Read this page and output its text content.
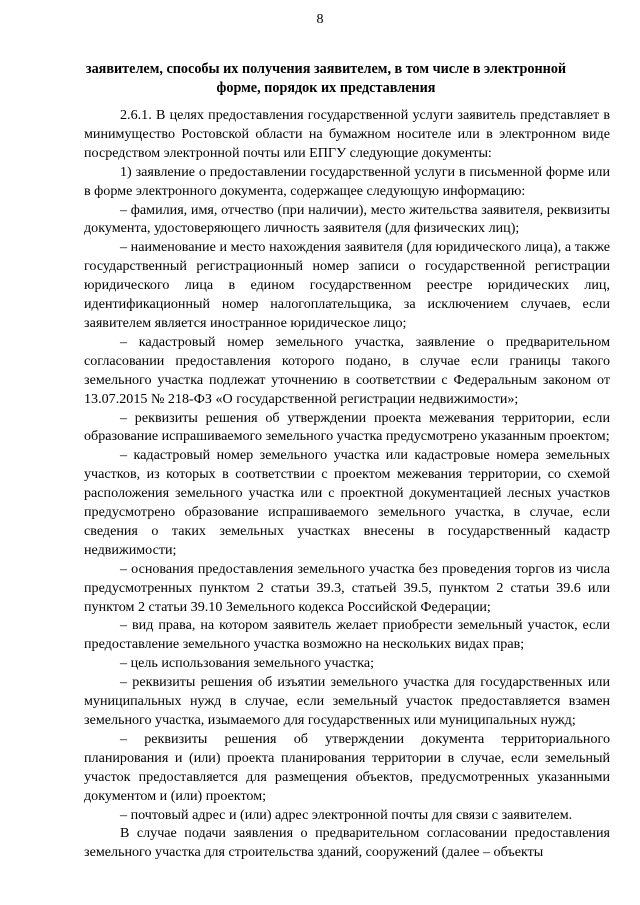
8
заявителем, способы их получения заявителем, в том числе в электронной форме, порядок их представления

2.6.1. В целях предоставления государственной услуги заявитель представляет в минимущество Ростовской области на бумажном носителе или в электронном виде посредством электронной почты или ЕПГУ следующие документы:

1) заявление о предоставлении государственной услуги в письменной форме или в форме электронного документа, содержащее следующую информацию:

– фамилия, имя, отчество (при наличии), место жительства заявителя, реквизиты документа, удостоверяющего личность заявителя (для физических лиц);

– наименование и место нахождения заявителя (для юридического лица), а также государственный регистрационный номер записи о государственной регистрации юридического лица в едином государственном реестре юридических лиц, идентификационный номер налогоплательщика, за исключением случаев, если заявителем является иностранное юридическое лицо;

– кадастровый номер земельного участка, заявление о предварительном согласовании предоставления которого подано, в случае если границы такого земельного участка подлежат уточнению в соответствии с Федеральным законом от 13.07.2015 № 218-ФЗ «О государственной регистрации недвижимости»;

– реквизиты решения об утверждении проекта межевания территории, если образование испрашиваемого земельного участка предусмотрено указанным проектом;

– кадастровый номер земельного участка или кадастровые номера земельных участков, из которых в соответствии с проектом межевания территории, со схемой расположения земельного участка или с проектной документацией лесных участков предусмотрено образование испрашиваемого земельного участка, в случае, если сведения о таких земельных участках внесены в государственный кадастр недвижимости;

– основания предоставления земельного участка без проведения торгов из числа предусмотренных пунктом 2 статьи 39.3, статьей 39.5, пунктом 2 статьи 39.6 или пунктом 2 статьи 39.10 Земельного кодекса Российской Федерации;

– вид права, на котором заявитель желает приобрести земельный участок, если предоставление земельного участка возможно на нескольких видах прав;

– цель использования земельного участка;

– реквизиты решения об изъятии земельного участка для государственных или муниципальных нужд в случае, если земельный участок предоставляется взамен земельного участка, изымаемого для государственных или муниципальных нужд;

– реквизиты решения об утверждении документа территориального планирования и (или) проекта планирования территории в случае, если земельный участок предоставляется для размещения объектов, предусмотренных указанными документом и (или) проектом;

– почтовый адрес и (или) адрес электронной почты для связи с заявителем.

В случае подачи заявления о предварительном согласовании предоставления земельного участка для строительства зданий, сооружений (далее – объекты
